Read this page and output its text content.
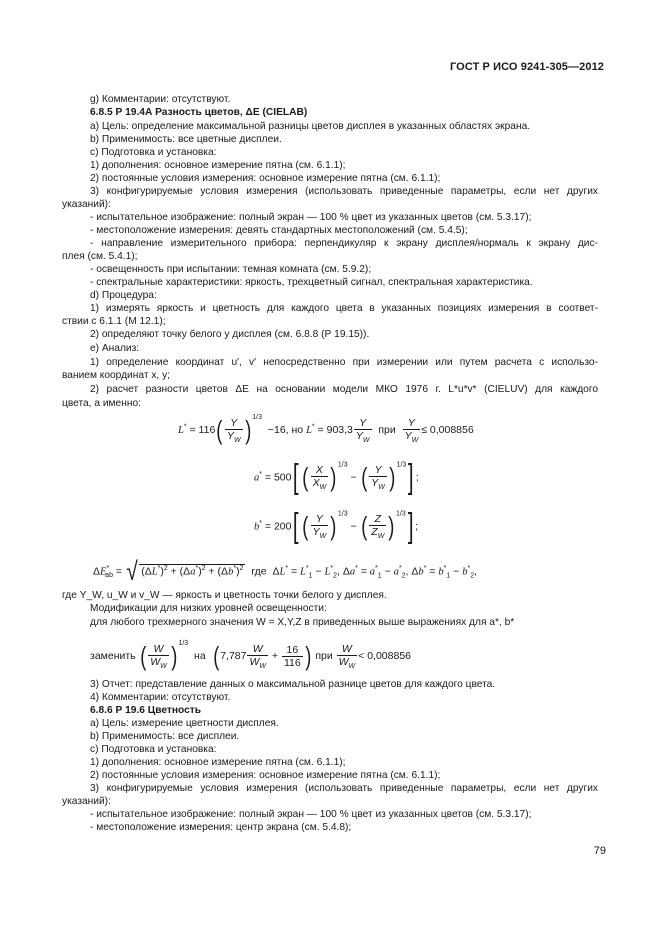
ГОСТ Р ИСО 9241-305—2012
g) Комментарии: отсутствуют.
6.8.5 Р 19.4А Разность цветов, ΔE (CIELAB)
a) Цель: определение максимальной разницы цветов дисплея в указанных областях экрана.
b) Применимость: все цветные дисплеи.
c) Подготовка и установка:
1) дополнения: основное измерение пятна (см. 6.1.1);
2) постоянные условия измерения: основное измерение пятна (см. 6.1.1);
3) конфигурируемые условия измерения (использовать приведенные параметры, если нет других
указаний):
- испытательное изображение: полный экран — 100 % цвет из указанных цветов (см. 5.3.17);
- местоположение измерения: девять стандартных местоположений (см. 5.4.5);
- направление измерительного прибора: перпендикуляр к экрану дисплея/нормаль к экрану дис-
плея (см. 5.4.1);
- освещенность при испытании: темная комната (см. 5.9.2);
- спектральные характеристики: яркость, трехцветный сигнал, спектральная характеристика.
d) Процедура:
1) измерять яркость и цветность для каждого цвета в указанных позициях измерения в соответ-
ствии с 6.1.1 (М 12.1);
2) определяют точку белого у дисплея (см. 6.8.8 (Р 19.15)).
e) Анализ:
1) определение координат u′, v′ непосредственно при измерении или путем расчета с использо-
ванием координат x, y;
2) расчет разности цветов ΔE на основании модели МКО 1976 г. L*u*v* (CIELUV) для каждого
цвета, а именно:
$L^* = 116( \frac{Y}{Y_W} )^{1/3} -16$, но $L^* = 903,3 \frac{Y}{Y_W}$ при $\frac{Y}{Y_W} \le 0,008856$
a* = 500[ ( $\frac{X}{X_W} )^{1/3}$ − ( $\frac{Y}{Y_W} )^{1/3}$] ;
b* = 200[ ( $\frac{Y}{Y_W} )^{1/3}$ − ( $\frac{Z}{Z_W} )^{1/3}$] ;
$\Delta E^*_{ab}$ = √ $(\Delta L^*)^2 + (\Delta a^*)^2 + (\Delta b^*)^2$ где  $\Delta L^* = L^*_1 - L^*_2$, $\Delta a^* = a^*_1 - a^*_2$, $\Delta b^* = b^*_1 - b^*_2$,
где Y_W, u_W и v_W — яркость и цветность точки белого у дисплея.
Модификации для низких уровней освещенности:
для любого трехмерного значения W = X,Y,Z в приведенных выше выражениях для a*, b*
заменить ( $\frac{W}{W_W} )^{1/3}$  на ($7,787 \frac{W}{W_W} + \frac{16}{116}$ ) при $\frac{W}{W_W} < 0,008856$
3) Отчет: представление данных о максимальной разнице цветов для каждого цвета.
4) Комментарии: отсутствуют.
6.8.6 Р 19.6 Цветность
a) Цель: измерение цветности дисплея.
b) Применимость: все дисплеи.
c) Подготовка и установка:
1) дополнения: основное измерение пятна (см. 6.1.1);
2) постоянные условия измерения: основное измерение пятна (см. 6.1.1);
3) конфигурируемые условия измерения (использовать приведенные параметры, если нет других
указаний):
- испытательное изображение: полный экран — 100 % цвет из указанных цветов (см. 5.3.17);
- местоположение измерения: центр экрана (см. 5.4.8);
79
